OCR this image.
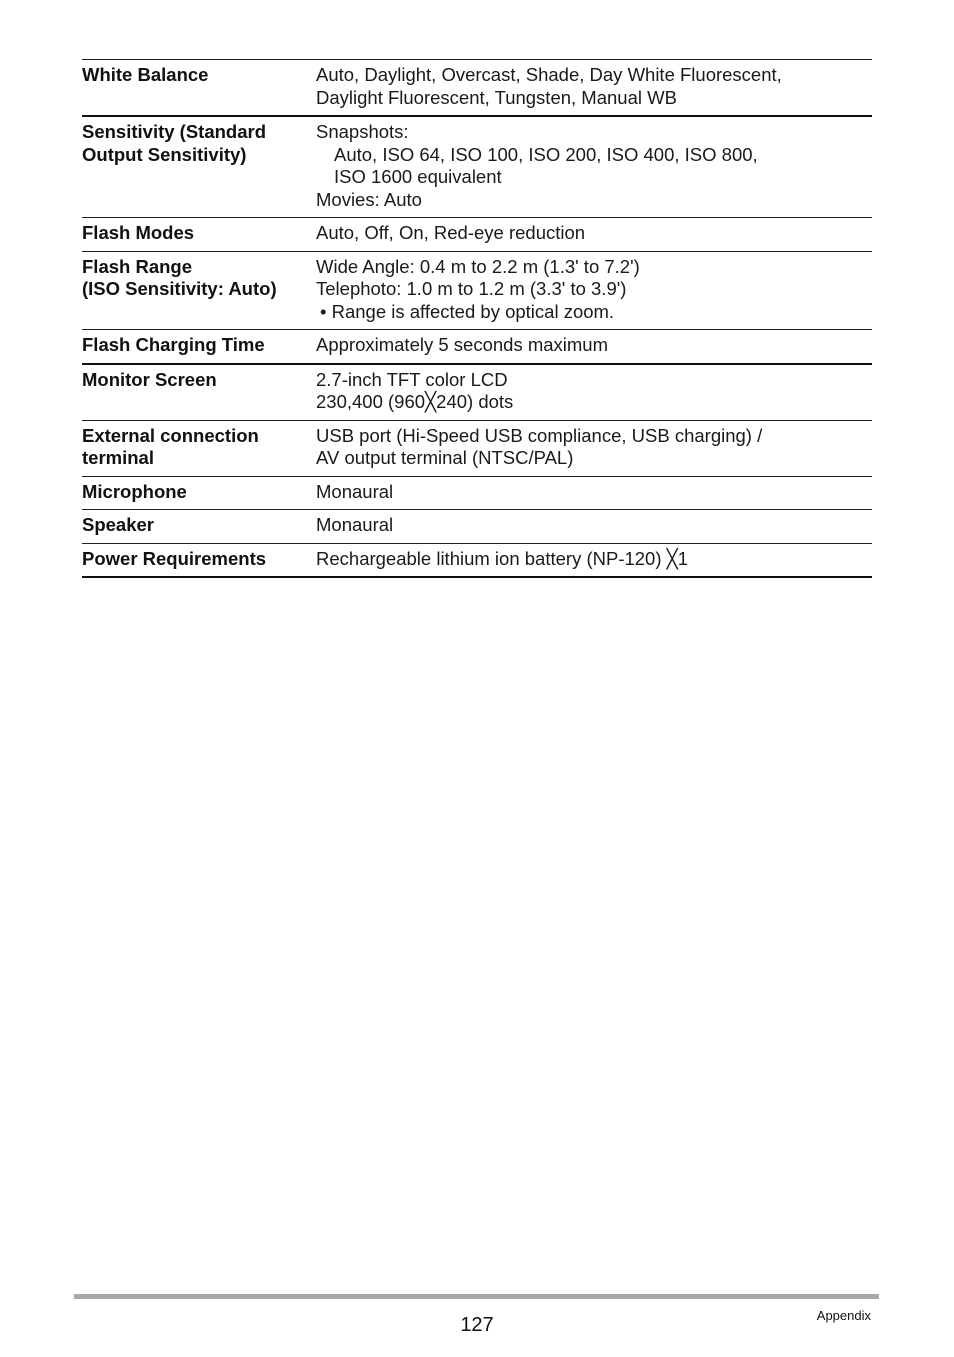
White Balance	Auto, Daylight, Overcast, Shade, Day White Fluorescent,
Daylight Fluorescent, Tungsten, Manual WB

Sensitivity (Standard
Output Sensitivity)	Snapshots:
Auto, ISO 64, ISO 100, ISO 200, ISO 400, ISO 800,
ISO 1600 equivalent
Movies: Auto

Flash Modes	Auto, Off, On, Red-eye reduction

Flash Range
(ISO Sensitivity: Auto)	Wide Angle: 0.4 m to 2.2 m (1.3' to 7.2')
Telephoto: 1.0 m to 1.2 m (3.3' to 3.9')
• Range is affected by optical zoom.

Flash Charging Time	Approximately 5 seconds maximum
Monitor Screen	2.7-inch TFT color LCD
230,400 (960╳240) dots

External connection
terminal	USB port (Hi-Speed USB compliance, USB charging) /
AV output terminal (NTSC/PAL)

Microphone	Monaural
Speaker	Monaural
Power Requirements	Rechargeable lithium ion battery (NP-120) ╳1
127	Appendix
